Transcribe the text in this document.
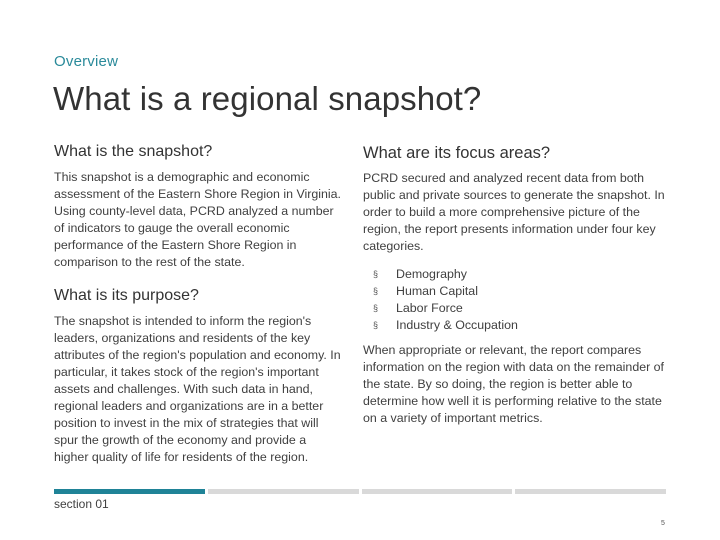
Overview
What is a regional snapshot?
What is the snapshot?

This snapshot is a demographic and economic assessment of the Eastern Shore Region in Virginia. Using county-level data, PCRD analyzed a number of indicators to gauge the overall economic performance of the Eastern Shore Region in comparison to the rest of the state.

What is its purpose?

The snapshot is intended to inform the region's leaders, organizations and residents of the key attributes of the region's population and economy. In particular, it takes stock of the region's important assets and challenges. With such data in hand, regional leaders and organizations are in a better position to invest in the mix of strategies that will spur the growth of the economy and provide a higher quality of life for residents of the region.

What are its focus areas?

PCRD secured and analyzed recent data from both public and private sources to generate the snapshot. In order to build a more comprehensive picture of the region, the report presents information under four key categories.

§ Demography
§ Human Capital
§ Labor Force
§ Industry & Occupation

When appropriate or relevant, the report compares information on the region with data on the remainder of the state. By so doing, the region is better able to determine how well it is performing relative to the state on a variety of important metrics.

section 01
5
